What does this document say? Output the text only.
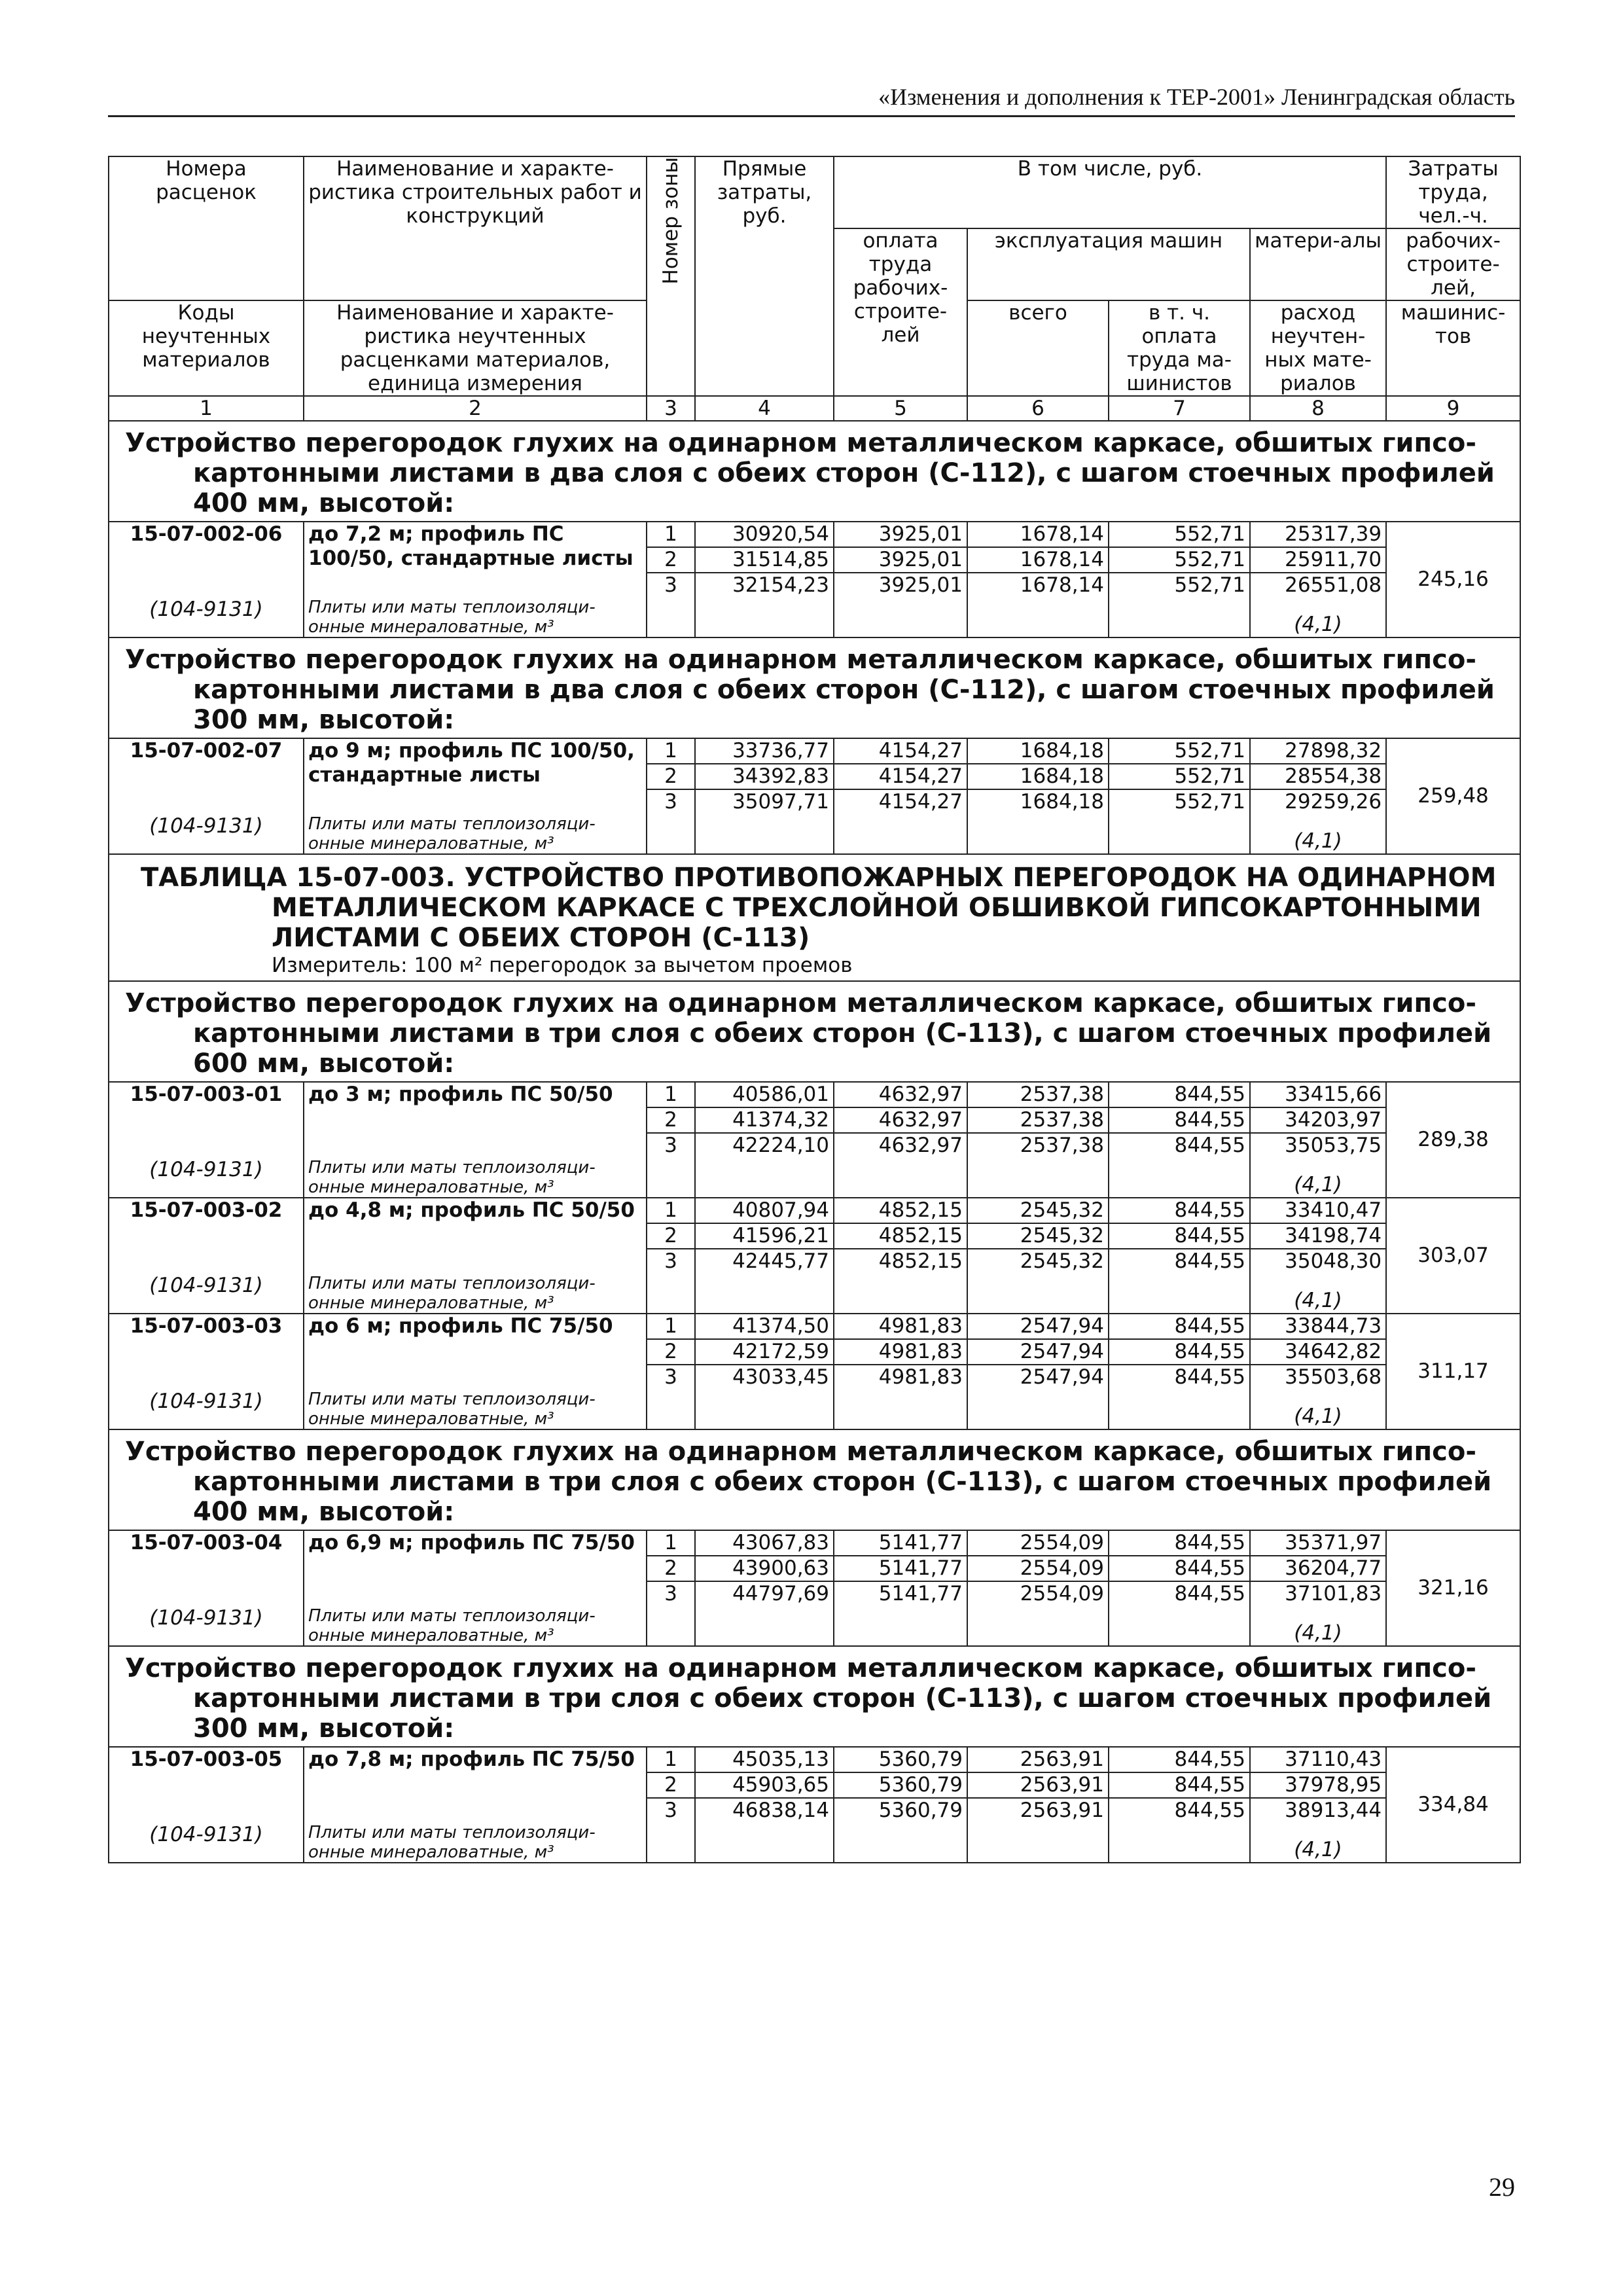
«Изменения и дополнения к ТЕР-2001» Ленинградская область
Номера расценок	Наименование и характе-ристика строительных работ и конструкций	Номер зоны	Прямые затраты, руб.	В том числе, руб.				Затраты труда, чел.-ч.
				оплата труда рабочих-строите-лей	эксплуатация машин		матери-алы	рабочих-строите-лей,
Коды неучтенных материалов	Наименование и характе-ристика неучтенных расценками материалов, единица измерения				всего	в т. ч. оплата труда ма-шинистов	расход неучтен-ных мате-риалов	машинис-тов

1	2	3	4	5	6	7	8	9
Устройство перегородок глухих на одинарном металлическом каркасе, обшитых гипсо-картонными листами в два слоя с обеих сторон (С-112), с шагом стоечных профилей 400 мм, высотой:								
15-07-002-06	до 7,2 м; профиль ПС 100/50, стандартные листы	1	30920,54	3925,01	1678,14	552,71	25317,39	245,16
		2	31514,85	3925,01	1678,14	552,71	25911,70	
		3	32154,23	3925,01	1678,14	552,71	26551,08	
(104-9131)	Плиты или маты теплоизоляци-онные минераловатные, м³						(4,1)	
Устройство перегородок глухих на одинарном металлическом каркасе, обшитых гипсо-картонными листами в два слоя с обеих сторон (С-112), с шагом стоечных профилей 300 мм, высотой:								
15-07-002-07	до 9 м; профиль ПС 100/50, стандартные листы	1	33736,77	4154,27	1684,18	552,71	27898,32	259,48
		2	34392,83	4154,27	1684,18	552,71	28554,38	
		3	35097,71	4154,27	1684,18	552,71	29259,26	
(104-9131)	Плиты или маты теплоизоляци-онные минераловатные, м³						(4,1)	
ТАБЛИЦА 15-07-003. УСТРОЙСТВО ПРОТИВОПОЖАРНЫХ ПЕРЕГОРОДОК НА ОДИНАРНОМ МЕТАЛЛИЧЕСКОМ КАРКАСЕ С ТРЕХСЛОЙНОЙ ОБШИВКОЙ ГИПСОКАРТОННЫМИ ЛИСТАМИ С ОБЕИХ СТОРОН (С-113)
Измеритель: 100 м² перегородок за вычетом проемов								

Устройство перегородок глухих на одинарном металлическом каркасе, обшитых гипсо-картонными листами в три слоя с обеих сторон (С-113), с шагом стоечных профилей 600 мм, высотой:								
15-07-003-01	до 3 м; профиль ПС 50/50	1	40586,01	4632,97	2537,38	844,55	33415,66	289,38
		2	41374,32	4632,97	2537,38	844,55	34203,97	
		3	42224,10	4632,97	2537,38	844,55	35053,75	
(104-9131)	Плиты или маты теплоизоляци-онные минераловатные, м³						(4,1)	
15-07-003-02	до 4,8 м; профиль ПС 50/50	1	40807,94	4852,15	2545,32	844,55	33410,47	303,07
		2	41596,21	4852,15	2545,32	844,55	34198,74	
		3	42445,77	4852,15	2545,32	844,55	35048,30	
(104-9131)	Плиты или маты теплоизоляци-онные минераловатные, м³						(4,1)	
15-07-003-03	до 6 м; профиль ПС 75/50	1	41374,50	4981,83	2547,94	844,55	33844,73	311,17
		2	42172,59	4981,83	2547,94	844,55	34642,82	
		3	43033,45	4981,83	2547,94	844,55	35503,68	
(104-9131)	Плиты или маты теплоизоляци-онные минераловатные, м³						(4,1)	
Устройство перегородок глухих на одинарном металлическом каркасе, обшитых гипсо-картонными листами в три слоя с обеих сторон (С-113), с шагом стоечных профилей 400 мм, высотой:								
15-07-003-04	до 6,9 м; профиль ПС 75/50	1	43067,83	5141,77	2554,09	844,55	35371,97	321,16
		2	43900,63	5141,77	2554,09	844,55	36204,77	
		3	44797,69	5141,77	2554,09	844,55	37101,83	
(104-9131)	Плиты или маты теплоизоляци-онные минераловатные, м³						(4,1)	
Устройство перегородок глухих на одинарном металлическом каркасе, обшитых гипсо-картонными листами в три слоя с обеих сторон (С-113), с шагом стоечных профилей 300 мм, высотой:								
15-07-003-05	до 7,8 м; профиль ПС 75/50	1	45035,13	5360,79	2563,91	844,55	37110,43	334,84
		2	45903,65	5360,79	2563,91	844,55	37978,95	
		3	46838,14	5360,79	2563,91	844,55	38913,44	
(104-9131)	Плиты или маты теплоизоляци-онные минераловатные, м³						(4,1)	
29
